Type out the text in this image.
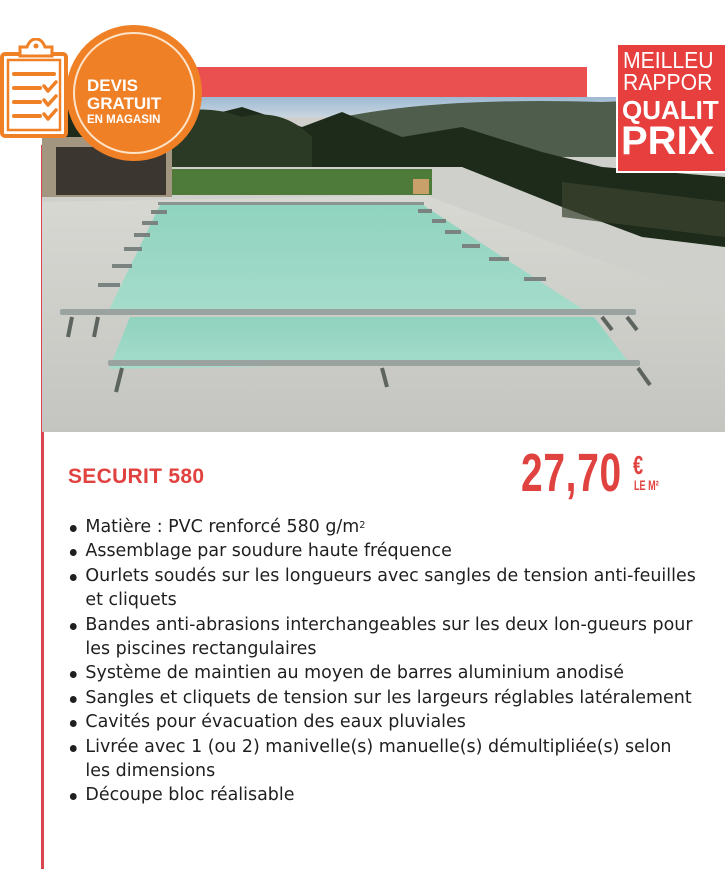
MEILLEU
RAPPOR
QUALIT
PRIX
DEVIS
GRATUIT
EN MAGASIN
SECURIT 580	27,70 €
LE M²
Matière : PVC renforcé 580 $g/m^2$
Assemblage par soudure haute fréquence
Ourlets soudés sur les longueurs avec sangles de tension anti-feuilles et cliquets
Bandes anti-abrasions interchangeables sur les deux lon-gueurs pour les piscines rectangulaires
Système de maintien au moyen de barres aluminium anodisé
Sangles et cliquets de tension sur les largeurs réglables latéralement
Cavités pour évacuation des eaux pluviales
Livrée avec 1 (ou 2) manivelle(s) manuelle(s) démultipliée(s) selon les dimensions
Découpe bloc réalisable
